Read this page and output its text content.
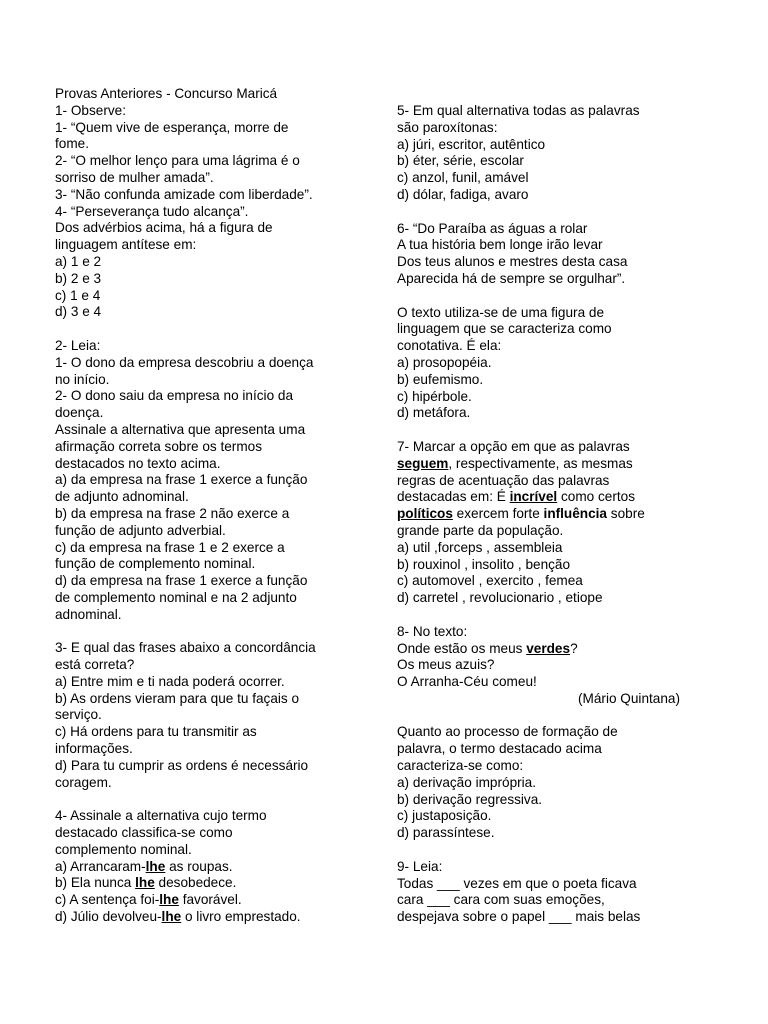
Provas Anteriores - Concurso Maricá
1- Observe:
1- “Quem vive de esperança, morre de
fome.
2- “O melhor lenço para uma lágrima é o
sorriso de mulher amada”.
3- “Não confunda amizade com liberdade”.
4- “Perseverança tudo alcança”.
Dos advérbios acima, há a figura de
linguagem antítese em:
a) 1 e 2
b) 2 e 3
c) 1 e 4
d) 3 e 4
2- Leia:
1- O dono da empresa descobriu a doença
no início.
2- O dono saiu da empresa no início da
doença.
Assinale a alternativa que apresenta uma
afirmação correta sobre os termos
destacados no texto acima.
a) da empresa na frase 1 exerce a função
de adjunto adnominal.
b) da empresa na frase 2 não exerce a
função de adjunto adverbial.
c) da empresa na frase 1 e 2 exerce a
função de complemento nominal.
d) da empresa na frase 1 exerce a função
de complemento nominal e na 2 adjunto
adnominal.
3- E qual das frases abaixo a concordância
está correta?
a) Entre mim e ti nada poderá ocorrer.
b) As ordens vieram para que tu façais o
serviço.
c) Há ordens para tu transmitir as
informações.
d) Para tu cumprir as ordens é necessário
coragem.
4- Assinale a alternativa cujo termo
destacado classifica-se como
complemento nominal.
a) Arrancaram-lhe as roupas.
b) Ela nunca lhe desobedece.
c) A sentença foi-lhe favorável.
d) Júlio devolveu-lhe o livro emprestado.
5- Em qual alternativa todas as palavras
são paroxítonas:
a) júri, escritor, autêntico
b) éter, série, escolar
c) anzol, funil, amável
d) dólar, fadiga, avaro
6- “Do Paraíba as águas a rolar
A tua história bem longe irão levar
Dos teus alunos e mestres desta casa
Aparecida há de sempre se orgulhar”.
O texto utiliza-se de uma figura de
linguagem que se caracteriza como
conotativa. É ela:
a) prosopopéia.
b) eufemismo.
c) hipérbole.
d) metáfora.
7- Marcar a opção em que as palavras
seguem, respectivamente, as mesmas
regras de acentuação das palavras
destacadas em: É incrível como certos
políticos exercem forte influência sobre
grande parte da população.
a) util ,forceps , assembleia
b) rouxinol , insolito , benção
c) automovel , exercito , femea
d) carretel , revolucionario , etiope
8- No texto:
Onde estão os meus verdes?
Os meus azuis?
O Arranha-Céu comeu!
(Mário Quintana)
Quanto ao processo de formação de
palavra, o termo destacado acima
caracteriza-se como:
a) derivação imprópria.
b) derivação regressiva.
c) justaposição.
d) parassíntese.
9- Leia:
Todas ___ vezes em que o poeta ficava
cara ___ cara com suas emoções,
despejava sobre o papel ___ mais belas
